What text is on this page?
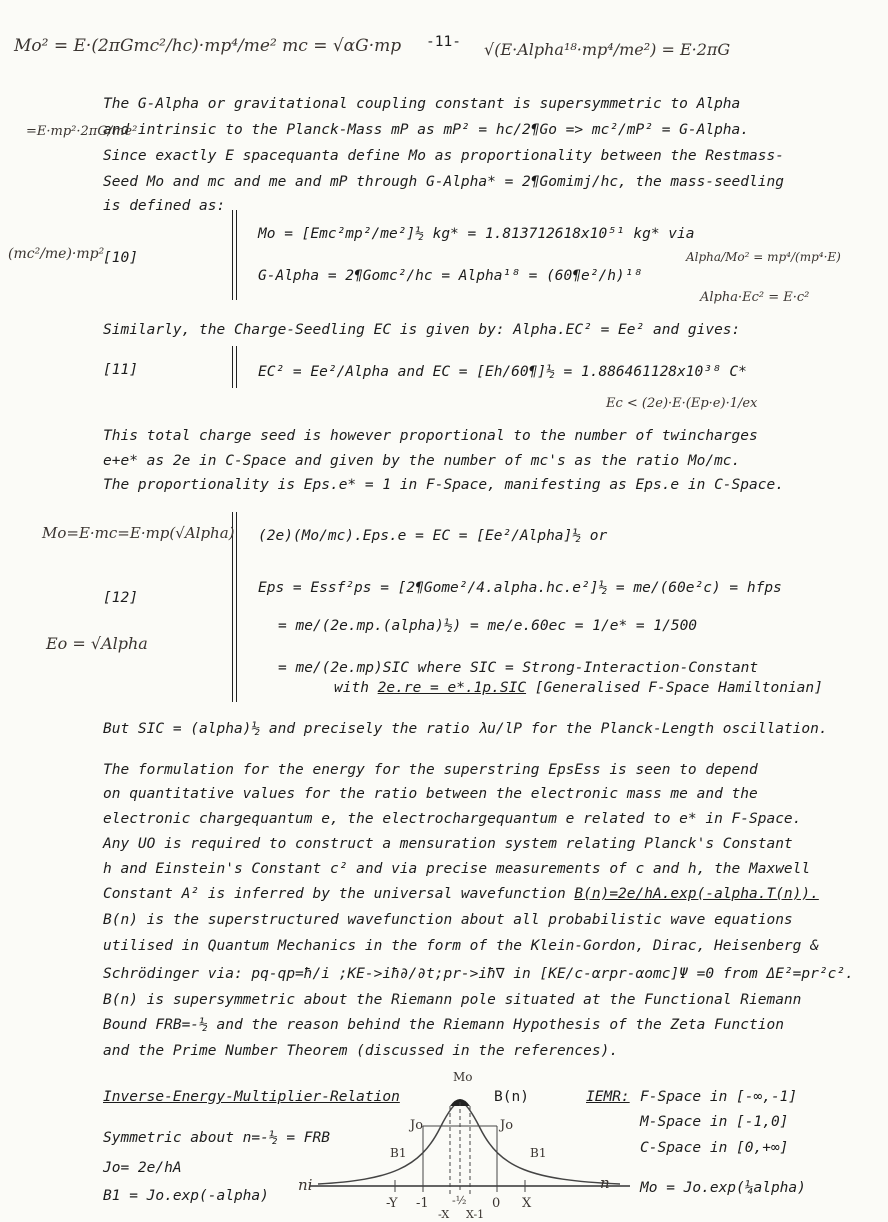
-11-
Mo² = E·(2πGmc²/hc)·mp⁴/me² mc = √αG·mp	√(E·Alpha¹⁸·mp⁴/me²) = E·2πG
The G-Alpha or gravitational coupling constant is supersymmetric to Alpha
and intrinsic to the Planck-Mass mP as mP² = hc/2¶Go => mc²/mP² = G-Alpha.
Since exactly E spacequanta define Mo as proportionality between the Restmass-
Seed Mo and mc and me and mP through G-Alpha* = 2¶Gomimj/hc, the mass-seedling
is defined as:
=E·mp²·2πG/me²
[10]
Mo = [Emc²mp²/me²]½ kg* = 1.813712618x10⁵¹ kg* via
G-Alpha = 2¶Gomc²/hc = Alpha¹⁸ = (60¶e²/h)¹⁸
(mc²/me)·mp²	Alpha/Mo² = mp⁴/(mp⁴·E)
Alpha·Ec² = E·c²
Similarly, the Charge-Seedling EC is given by: Alpha.EC² = Ee² and gives:
[11]	EC² = Ee²/Alpha and EC = [Eh/60¶]½ = 1.886461128x10³⁸ C*
Ec < (2e)·E·(Ep·e)·1/ex
This total charge seed is however proportional to the number of twincharges
e+e* as 2e in C-Space and given by the number of mc's as the ratio Mo/mc.
The proportionality is Eps.e* = 1 in F-Space, manifesting as Eps.e in C-Space.
[12]
(2e)(Mo/mc).Eps.e = EC = [Ee²/Alpha]½ or
Eps = Essf²ps = [2¶Gome²/4.alpha.hc.e²]½ = me/(60e²c) = hfps
= me/(2e.mp.(alpha)½) = me/e.60ec = 1/e* = 1/500
= me/(2e.mp)SIC where SIC = Strong-Interaction-Constant
with 2e.re = e*.1p.SIC [Generalised F-Space Hamiltonian]
Mo=E·mc=E·mp(√Alpha)
Eo = √Alpha
But SIC = (alpha)½ and precisely the ratio λu/lP for the Planck-Length oscillation.
The formulation for the energy for the superstring EpsEss is seen to depend
on quantitative values for the ratio between the electronic mass me and the
electronic chargequantum e, the electrochargequantum e related to e* in F-Space.
Any UO is required to construct a mensuration system relating Planck's Constant
h and Einstein's Constant c² and via precise measurements of c and h, the Maxwell
Constant A² is inferred by the universal wavefunction B(n)=2e/hA.exp(-alpha.T(n)).
B(n) is the superstructured wavefunction about all probabilistic wave equations
utilised in Quantum Mechanics in the form of the Klein-Gordon, Dirac, Heisenberg &
Schrödinger via: pq-qp=ħ/i ;KE->iħ∂/∂t;pr->iħ∇ in [KE/c-αrpr-αomc]Ψ =0 from ΔE²=pr²c².
B(n) is supersymmetric about the Riemann pole situated at the Functional Riemann
Bound FRB=-½ and the reason behind the Riemann Hypothesis of the Zeta Function
and the Prime Number Theorem (discussed in the references).
Inverse-Energy-Multiplier-Relation
Symmetric about n=-½ = FRB
Jo= 2e/hA
B1 = Jo.exp(-alpha)
IEMR: F-Space in [-∞,-1]
M-Space in [-1,0]
C-Space in [0,+∞]
Mo = Jo.exp(¼alpha)
Mo
B(n)
Jo	Jo
B1	B1
-Y -1 -½ 0 X
-X X-1
ni	n
